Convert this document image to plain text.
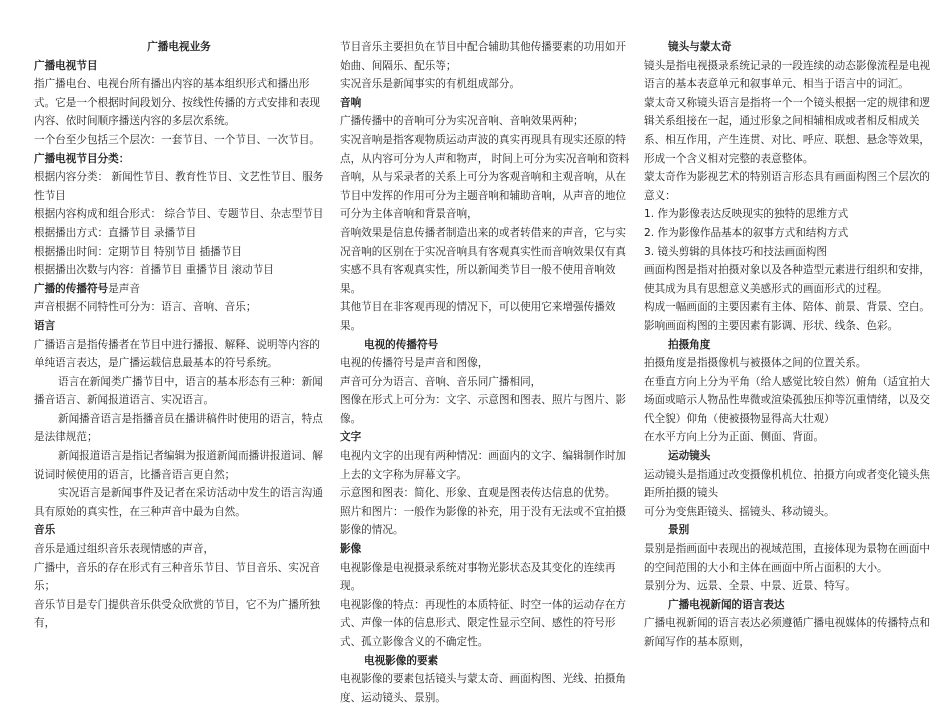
广播电视业务

广播电视节目

指广播电台、电视台所有播出内容的基本组织形式和播出形式。它是一个根据时间段划分、按线性传播的方式安排和表现内容、依时间顺序播送内容的多层次系统。

一个台至少包括三个层次：一套节目、一个节目、一次节目。

广播电视节目分类：

根据内容分类： 新闻性节目、教育性节目、文艺性节目、服务性节目

根据内容构成和组合形式： 综合节目、专题节目、杂志型节目

根据播出方式：直播节目 录播节目

根据播出时间：定期节目 特别节目 插播节目

根据播出次数与内容：首播节目 重播节目 滚动节目

广播的传播符号是声音

声音根据不同特性可分为：语言、音响、音乐；

语言

广播语言是指传播者在节目中进行播报、解释、说明等内容的单纯语言表达，是广播运载信息最基本的符号系统。

语言在新闻类广播节目中，语言的基本形态有三种：新闻播音语言、新闻报道语言、实况语言。

新闻播音语言是指播音员在播讲稿件时使用的语言，特点是法律规范；

新闻报道语言是指记者编辑为报道新闻而播讲报道词、解说词时候使用的语言，比播音语言更自然；

实况语言是新闻事件及记者在采访活动中发生的语言沟通具有原始的真实性，在三种声音中最为自然。

音乐

音乐是通过组织音乐表现情感的声音，

广播中，音乐的存在形式有三种音乐节目、节目音乐、实况音乐；

音乐节目是专门提供音乐供受众欣赏的节目，它不为广播所独有，

节目音乐主要担负在节目中配合辅助其他传播要素的功用如开始曲、间隔乐、配乐等；

实况音乐是新闻事实的有机组成部分。

音响

广播传播中的音响可分为实况音响、音响效果两种；

实况音响是指客观物质运动声波的真实再现具有现实还原的特点，从内容可分为人声和物声， 时间上可分为实况音响和资料音响，从与采录者的关系上可分为客观音响和主观音响，从在节目中发挥的作用可分为主题音响和辅助音响，从声音的地位可分为主体音响和背景音响，

音响效果是信息传播者制造出来的或者转借来的声音，它与实况音响的区别在于实况音响具有客观真实性而音响效果仅有真实感不具有客观真实性，所以新闻类节目一般不使用音响效果。

其他节目在非客观再现的情况下，可以使用它来增强传播效果。

电视的传播符号

电视的传播符号是声音和图像，

声音可分为语言、音响、音乐同广播相同，

图像在形式上可分为：文字、示意图和图表、照片与图片、影像。

文字

电视内文字的出现有两种情况：画面内的文字、编辑制作时加上去的文字称为屏幕文字。

示意图和图表：简化、形象、直观是图表传达信息的优势。

照片和图片：一般作为影像的补充，用于没有无法或不宜拍摄影像的情况。

影像

电视影像是电视摄录系统对事物光影状态及其变化的连续再现。

电视影像的特点：再现性的本质特征、时空一体的运动存在方式、声像一体的信息形式、限定性显示空间、感性的符号形式、孤立影像含义的不确定性。

电视影像的要素

电视影像的要素包括镜头与蒙太奇、画面构图、光线、拍摄角度、运动镜头、景别。

镜头与蒙太奇

镜头是指电视摄录系统记录的一段连续的动态影像流程是电视语言的基本表意单元和叙事单元、相当于语言中的词汇。

蒙太奇又称镜头语言是指将一个一个镜头根据一定的规律和逻辑关系组接在一起，通过形象之间相辅相成或者相反相成关系、相互作用，产生连贯、对比、呼应、联想、悬念等效果，形成一个含义相对完整的表意整体。

蒙太奇作为影视艺术的特别语言形态具有画面构图三个层次的意义：

1. 作为影像表达反映现实的独特的思维方式

2. 作为影像作品基本的叙事方式和结构方式

3. 镜头剪辑的具体技巧和技法画面构图

画面构图是指对拍摄对象以及各种造型元素进行组织和安排，使其成为具有思想意义美感形式的画面形式的过程。

构成一幅画面的主要因素有主体、陪体、前景、背景、空白。

影响画面构图的主要因素有影调、形状、线条、色彩。

拍摄角度

拍摄角度是指摄像机与被摄体之间的位置关系。

在垂直方向上分为平角（给人感觉比较自然）俯角（适宜拍大场面或暗示人物品性卑微或渲染孤独压抑等沉重情绪，以及交代全貌）仰角（使被摄物显得高大壮观）

在水平方向上分为正面、侧面、背面。

运动镜头

运动镜头是指通过改变摄像机机位、拍摄方向或者变化镜头焦距所拍摄的镜头

可分为变焦距镜头、摇镜头、移动镜头。

景别

景别是指画面中表现出的视域范围，直接体现为景物在画面中的空间范围的大小和主体在画面中所占面积的大小。

景别分为、远景、全景、中景、近景、特写。

广播电视新闻的语言表达

广播电视新闻的语言表达必须遵循广播电视媒体的传播特点和新闻写作的基本原则，
